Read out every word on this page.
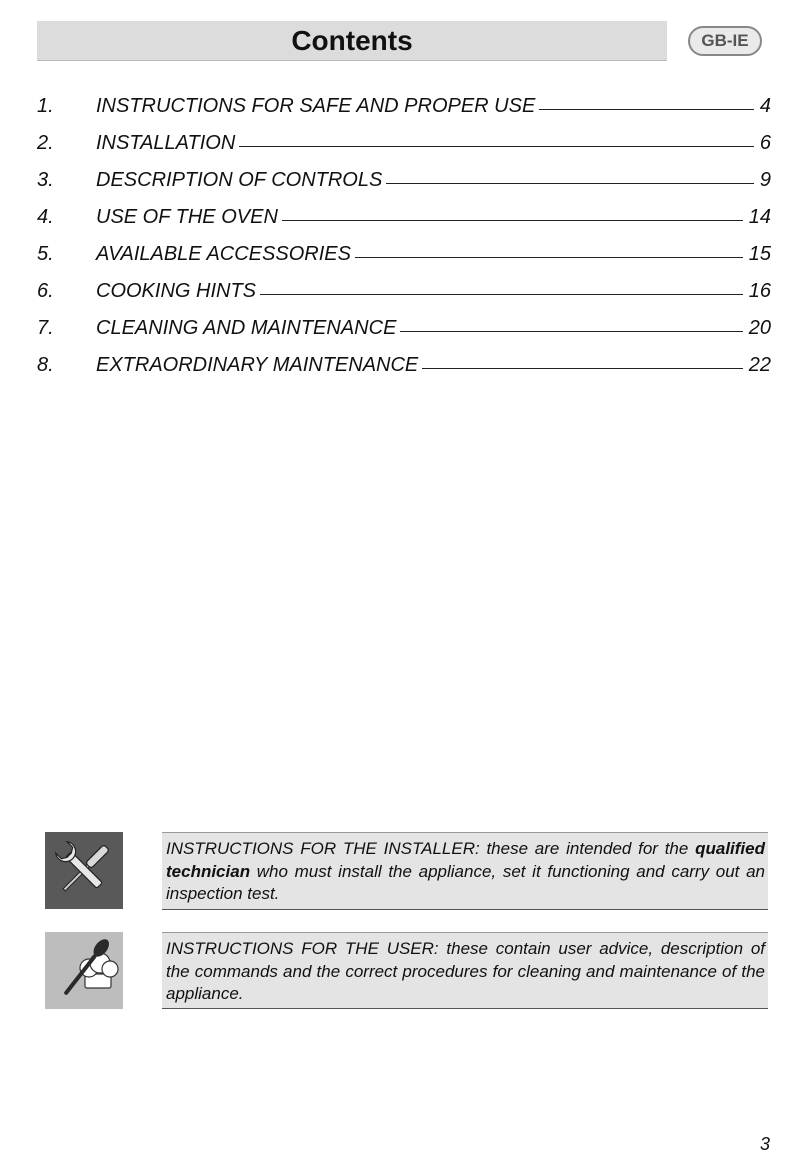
Contents	GB-IE
1.	INSTRUCTIONS FOR SAFE AND PROPER USE	4
2.	INSTALLATION	6
3.	DESCRIPTION OF CONTROLS	9
4.	USE OF THE OVEN	14
5.	AVAILABLE ACCESSORIES	15
6.	COOKING HINTS	16
7.	CLEANING AND MAINTENANCE	20
8.	EXTRAORDINARY MAINTENANCE	22
INSTRUCTIONS FOR THE INSTALLER: these are intended for the qualified technician who must install the appliance, set it functioning and carry out an inspection test.
INSTRUCTIONS FOR THE USER: these contain user advice, description of the commands and the correct procedures for cleaning and maintenance of the appliance.
3
